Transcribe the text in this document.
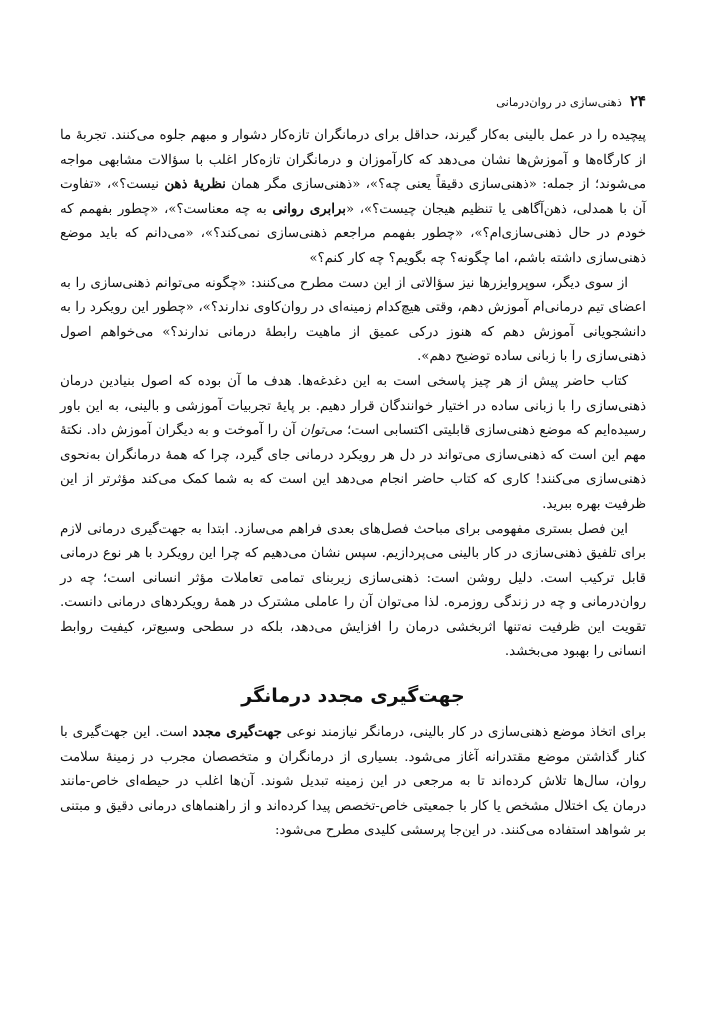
۲۴
ذهنی‌سازی در روان‌درمانی

پیچیده را در عمل بالینی به‌کار گیرند، حداقل برای درمانگران تازه‌کار دشوار و مبهم جلوه می‌کنند. تجربهٔ ما از کارگاه‌ها و آموزش‌ها نشان می‌دهد که کارآموزان و درمانگران تازه‌کار اغلب با سؤالات مشابهی مواجه می‌شوند؛ از جمله: «ذهنی‌سازی دقیقاً یعنی چه؟»، «ذهنی‌سازی مگر همان نظریهٔ ذهن نیست؟»، «تفاوت آن با همدلی، ذهن‌آگاهی یا تنظیم هیجان چیست؟»، «برابری روانی به چه معناست؟»، «چطور بفهمم که خودم در حال ذهنی‌سازی‌ام؟»، «چطور بفهمم مراجعم ذهنی‌سازی نمی‌کند؟»، «می‌دانم که باید موضع ذهنی‌سازی داشته باشم، اما چگونه؟ چه بگویم؟ چه کار کنم؟»

از سوی دیگر، سوپروایزرها نیز سؤالاتی از این دست مطرح می‌کنند: «چگونه می‌توانم ذهنی‌سازی را به اعضای تیم درمانی‌ام آموزش دهم، وقتی هیچ‌کدام زمینه‌ای در روان‌کاوی ندارند؟»، «چطور این رویکرد را به دانشجویانی آموزش دهم که هنوز درکی عمیق از ماهیت رابطهٔ درمانی ندارند؟» می‌خواهم اصول ذهنی‌سازی را با زبانی ساده توضیح دهم».

کتاب حاضر پیش از هر چیز پاسخی است به این دغدغه‌ها. هدف ما آن بوده که اصول بنیادین درمان ذهنی‌سازی را با زبانی ساده در اختیار خوانندگان قرار دهیم. بر پایهٔ تجربیات آموزشی و بالینی، به این باور رسیده‌ایم که موضع ذهنی‌سازی قابلیتی اکتسابی است؛ می‌توان آن را آموخت و به دیگران آموزش داد. نکتهٔ مهم این است که ذهنی‌سازی می‌تواند در دل هر رویکرد درمانی جای گیرد، چرا که همهٔ درمانگران به‌نحوی ذهنی‌سازی می‌کنند! کاری که کتاب حاضر انجام می‌دهد این است که به شما کمک می‌کند مؤثرتر از این ظرفیت بهره ببرید.

این فصل بستری مفهومی برای مباحث فصل‌های بعدی فراهم می‌سازد. ابتدا به جهت‌گیری درمانی لازم برای تلفیق ذهنی‌سازی در کار بالینی می‌پردازیم. سپس نشان می‌دهیم که چرا این رویکرد با هر نوع درمانی قابل ترکیب است. دلیل روشن است: ذهنی‌سازی زیربنای تمامی تعاملات مؤثر انسانی است؛ چه در روان‌درمانی و چه در زندگی روزمره. لذا می‌توان آن را عاملی مشترک در همهٔ رویکردهای درمانی دانست. تقویت این ظرفیت نه‌تنها اثربخشی درمان را افزایش می‌دهد، بلکه در سطحی وسیع‌تر، کیفیت روابط انسانی را بهبود می‌بخشد.

جهت‌گیری مجدد درمانگر

برای اتخاذ موضع ذهنی‌سازی در کار بالینی، درمانگر نیازمند نوعی جهت‌گیری مجدد است. این جهت‌گیری با کنار گذاشتن موضع مقتدرانه آغاز می‌شود. بسیاری از درمانگران و متخصصان مجرب در زمینهٔ سلامت روان، سال‌ها تلاش کرده‌اند تا به مرجعی در این زمینه تبدیل شوند. آن‌ها اغلب در حیطه‌ای خاص-مانند درمان یک اختلال مشخص یا کار با جمعیتی خاص-تخصص پیدا کرده‌اند و از راهنماهای درمانی دقیق و مبتنی بر شواهد استفاده می‌کنند. در این‌جا پرسشی کلیدی مطرح می‌شود:
